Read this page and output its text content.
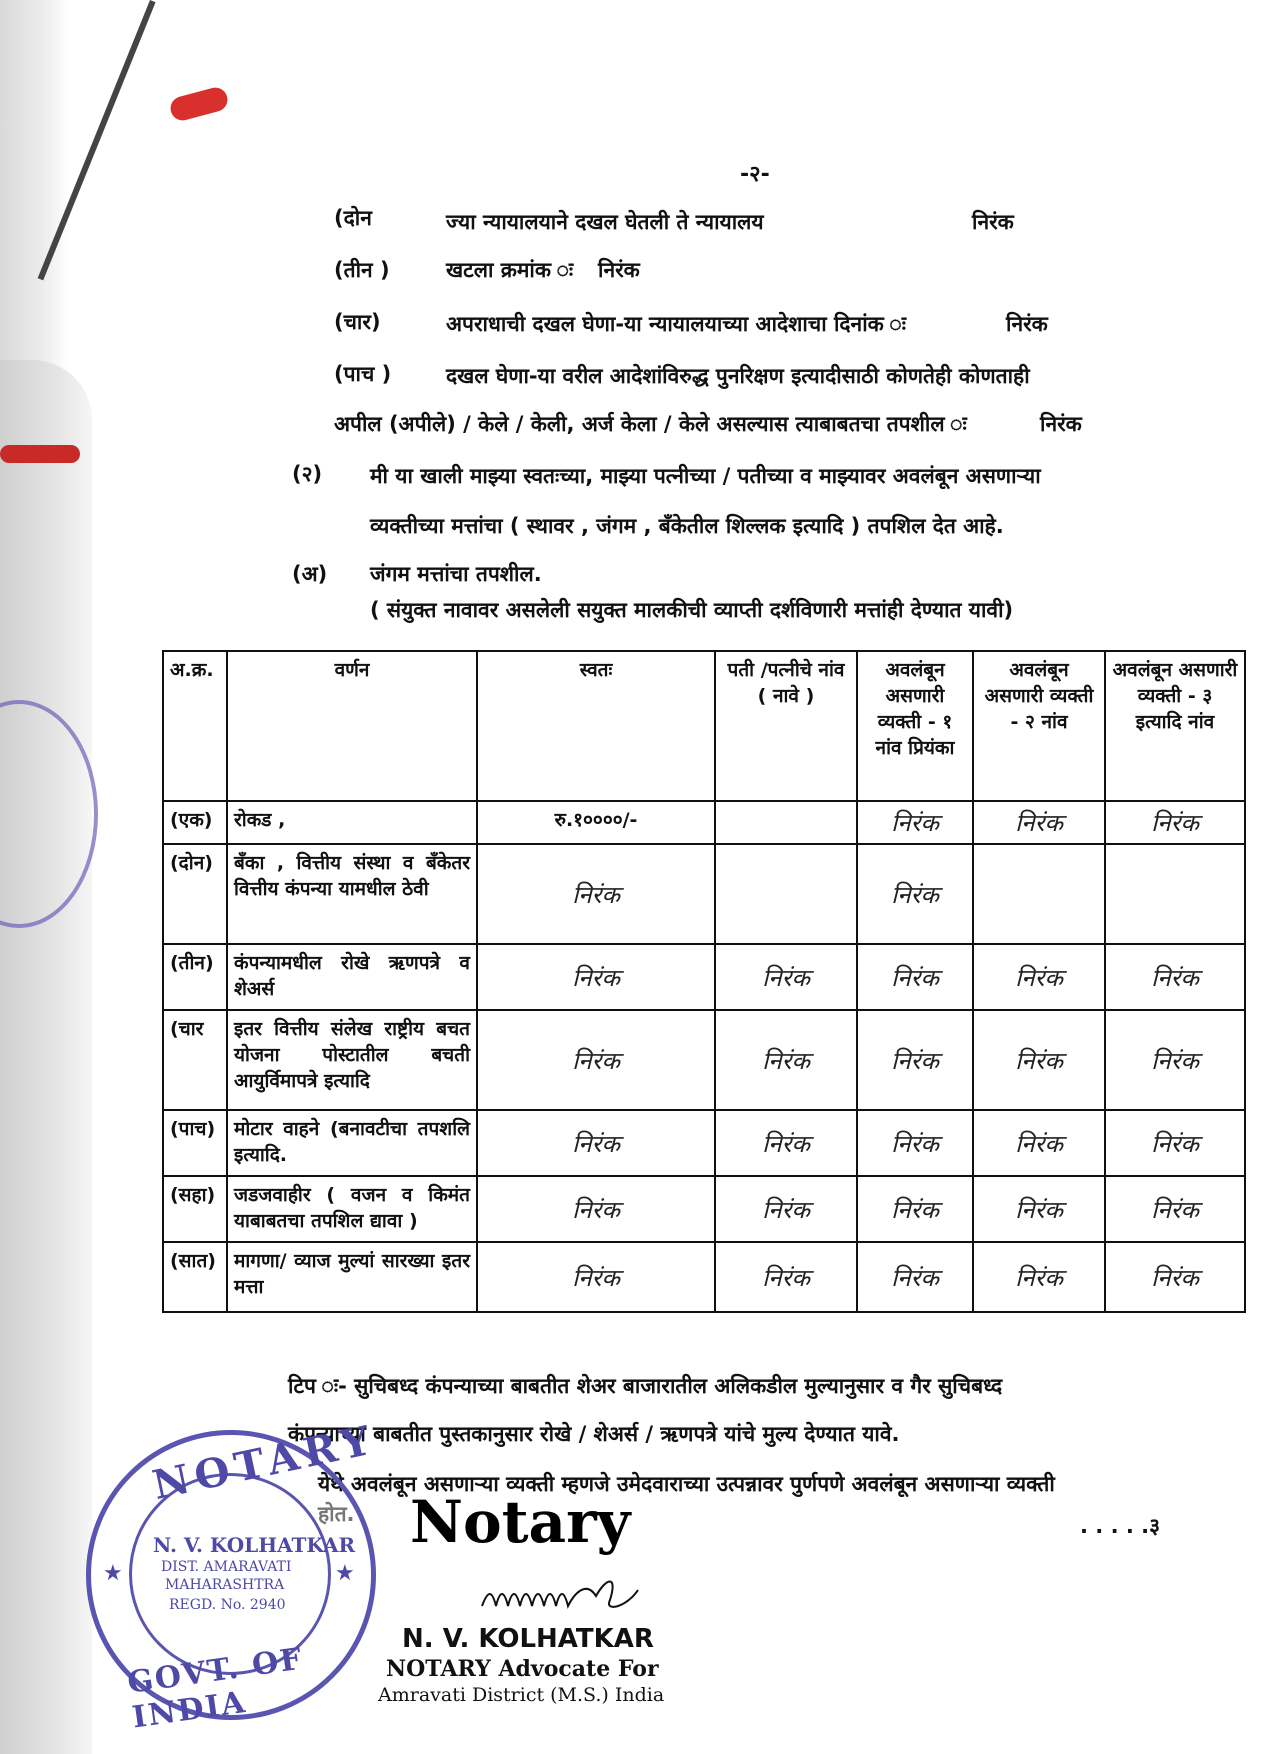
-२-
(दोन	ज्या न्यायालयाने दखल घेतली ते न्यायालय	निरंक
(तीन )	खटला क्रमांक ः निरंक
(चार)	अपराधाची दखल घेणा-या न्यायालयाच्या आदेशाचा दिनांक ः	निरंक
(पाच )	दखल घेणा-या वरील आदेशांविरुद्ध पुनरिक्षण इत्यादीसाठी कोणतेही कोणताही
अपील (अपीले) / केले / केली, अर्ज केला / केले असल्यास त्याबाबतचा तपशील ः	निरंक
(२) मी या खाली माझ्या स्वतःच्या, माझ्या पत्नीच्या / पतीच्या व माझ्यावर अवलंबून असणाऱ्या
व्यक्तीच्या मत्तांचा ( स्थावर , जंगम , बँकेतील शिल्लक इत्यादि ) तपशिल देत आहे.
(अ) जंगम मत्तांचा तपशील.
( संयुक्त नावावर असलेली सयुक्त मालकीची व्याप्ती दर्शविणारी मत्तांही देण्यात यावी)
अ.क्र.	वर्णन	स्वतः	पती /पत्नीचे नांव ( नावे )	अवलंबून असणारी व्यक्ती - १ नांव प्रियंका	अवलंबून असणारी व्यक्ती - २ नांव	अवलंबून असणारी व्यक्ती - ३ इत्यादि नांव
(एक)	रोकड ,	रु.१००००/-		निरंक	निरंक	निरंक
(दोन)	बँका , वित्तीय संस्था व बँकेतर वित्तीय कंपन्या यामधील ठेवी	निरंक		निरंक		
(तीन)	कंपन्यामधील रोखे ऋणपत्रे व शेअर्स	निरंक	निरंक	निरंक	निरंक	निरंक
(चार	इतर वित्तीय संलेख राष्ट्रीय बचत योजना पोस्टातील बचती आयुर्विमापत्रे इत्यादि	निरंक	निरंक	निरंक	निरंक	निरंक
(पाच)	मोटार वाहने (बनावटीचा तपशलि इत्यादि.	निरंक	निरंक	निरंक	निरंक	निरंक
(सहा)	जडजवाहीर ( वजन व किमंत याबाबतचा तपशिल द्यावा )	निरंक	निरंक	निरंक	निरंक	निरंक
(सात)	मागणा/ व्याज मुल्यां सारख्या इतर मत्ता	निरंक	निरंक	निरंक	निरंक	निरंक
टिप ः- सुचिबध्द कंपन्याच्या बाबतीत शेअर बाजारातील अलिकडील मुल्यानुसार व गैर सुचिबध्द
कंपन्याच्या बाबतीत पुस्तकानुसार रोखे / शेअर्स / ऋणपत्रे यांचे मुल्य देण्यात यावे.
येथे अवलंबून असणाऱ्या व्यक्ती म्हणजे उमेदवाराच्या उत्पन्नावर पुर्णपणे अवलंबून असणाऱ्या व्यक्ती
होत.	. . . . .३
NOTARY
★	★
N. V. KOLHATKAR
DIST. AMARAVATI
MAHARASHTRA
REGD. No. 2940
GOVT. OF INDIA
Notary
N. V. KOLHATKAR
NOTARY Advocate For
Amravati District (M.S.) India
